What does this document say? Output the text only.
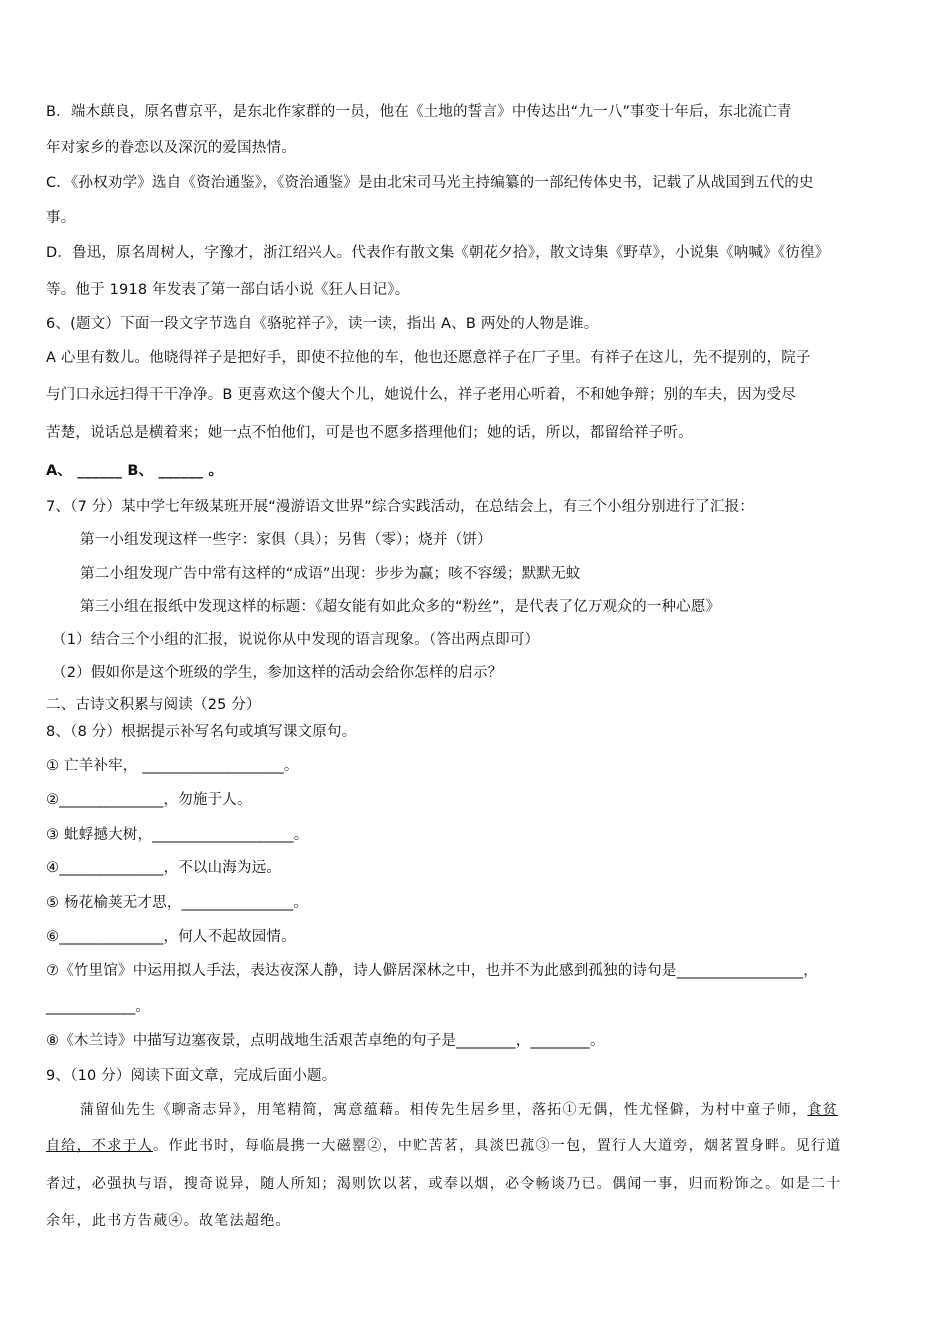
B．端木蕻良，原名曹京平，是东北作家群的一员，他在《土地的誓言》中传达出“九一八”事变十年后，东北流亡青
年对家乡的眷恋以及深沉的爱国热情。
C．《孙权劝学》选自《资治通鉴》，《资治通鉴》是由北宋司马光主持编纂的一部纪传体史书，记载了从战国到五代的史
事。
D．鲁迅，原名周树人，字豫才，浙江绍兴人。代表作有散文集《朝花夕拾》，散文诗集《野草》，小说集《呐喊》《彷徨》
等。他于 1918 年发表了第一部白话小说《狂人日记》。
6、(题文）下面一段文字节选自《骆驼祥子》，读一读，指出 A、B 两处的人物是谁。
A 心里有数儿。他晓得祥子是把好手，即使不拉他的车，他也还愿意祥子在厂子里。有祥子在这儿，先不提别的，院子
与门口永远扫得干干净净。B 更喜欢这个傻大个儿，她说什么，祥子老用心听着，不和她争辩；别的车夫，因为受尽
苦楚，说话总是横着来；她一点不怕他们，可是也不愿多搭理他们；她的话，所以，都留给祥子听。
A、 ______ B、 ______ 。
7、（7 分）某中学七年级某班开展“漫游语文世界”综合实践活动，在总结会上，有三个小组分别进行了汇报：
第一小组发现这样一些字：家俱（具）；另售（零）；烧并（饼）
第二小组发现广告中常有这样的“成语”出现：步步为赢；咳不容缓；默默无蚊
第三小组在报纸中发现这样的标题：《超女能有如此众多的“粉丝”，是代表了亿万观众的一种心愿》
（1）结合三个小组的汇报，说说你从中发现的语言现象。（答出两点即可）
（2）假如你是这个班级的学生，参加这样的活动会给你怎样的启示？
二、古诗文积累与阅读（25 分）
8、（8 分）根据提示补写名句或填写课文原句。
① 亡羊补牢， ___________________。
②______________，勿施于人。
③ 蚍蜉撼大树，___________________。
④______________，不以山海为远。
⑤ 杨花榆荚无才思，_______________。
⑥______________，何人不起故园情。
⑦《竹里馆》中运用拟人手法，表达夜深人静，诗人僻居深林之中，也并不为此感到孤独的诗句是_________________，
____________。
⑧《木兰诗》中描写边塞夜景，点明战地生活艰苦卓绝的句子是________，________。
9、（10 分）阅读下面文章，完成后面小题。
蒲留仙先生《聊斋志异》，用笔精简，寓意蕴藉。相传先生居乡里，落拓①无偶，性尤怪僻，为村中童子师，食贫
自给，不求于人。作此书时，每临晨携一大磁罂②，中贮苦茗，具淡巴菰③一包，置行人大道旁，烟茗置身畔。见行道
者过，必强执与语，搜奇说异，随人所知；渴则饮以茗，或奉以烟，必令畅谈乃已。偶闻一事，归而粉饰之。如是二十
余年，此书方告蒇④。故笔法超绝。
